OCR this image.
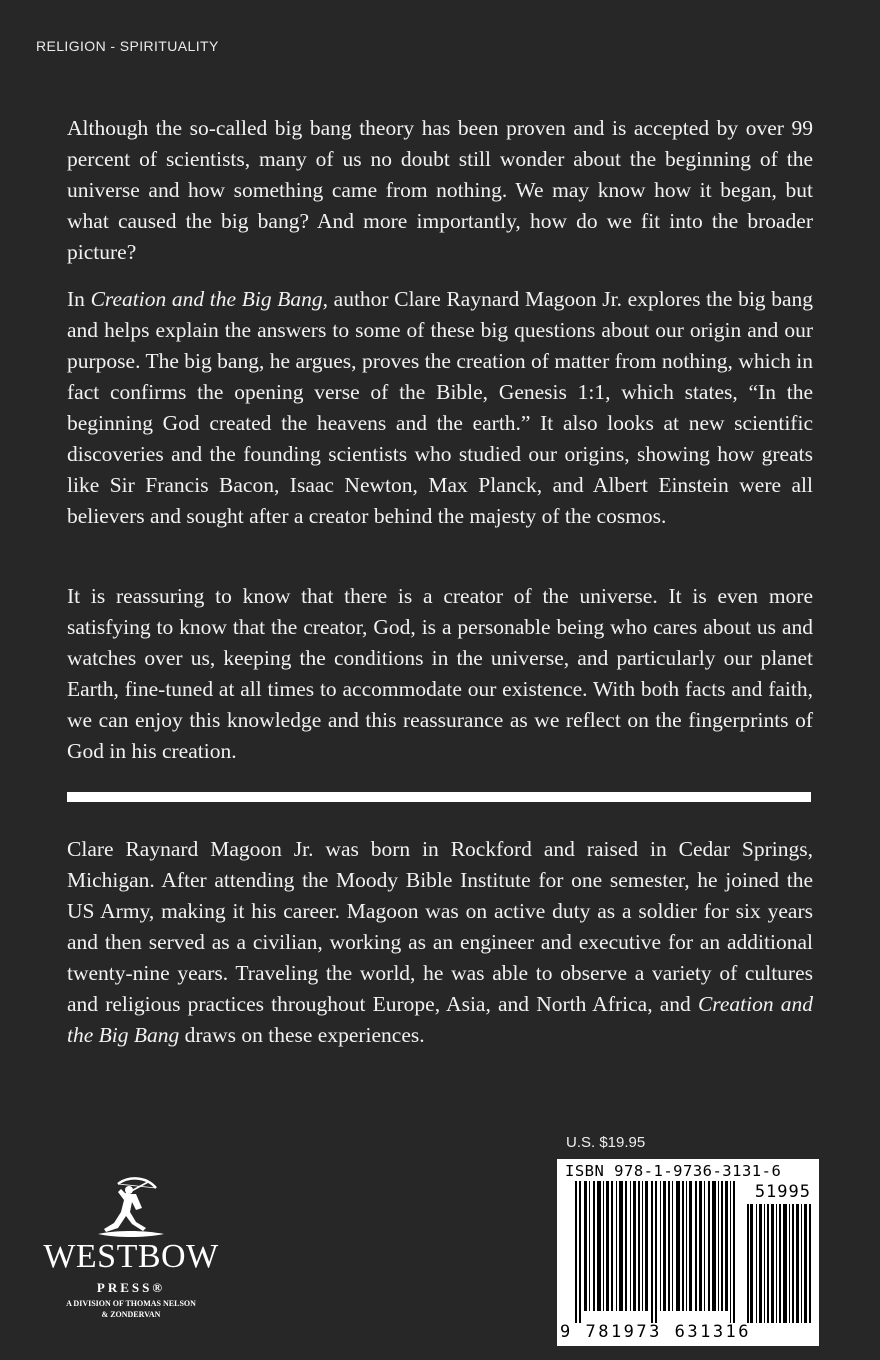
RELIGION - SPIRITUALITY

Although the so-called big bang theory has been proven and is accepted by over 99 percent of scientists, many of us no doubt still wonder about the beginning of the universe and how something came from nothing. We may know how it began, but what caused the big bang? And more importantly, how do we fit into the broader picture?

In Creation and the Big Bang, author Clare Raynard Magoon Jr. explores the big bang and helps explain the answers to some of these big questions about our origin and our purpose. The big bang, he argues, proves the creation of matter from nothing, which in fact confirms the opening verse of the Bible, Genesis 1:1, which states, “In the beginning God created the heavens and the earth.” It also looks at new scientific discoveries and the founding scientists who studied our origins, showing how greats like Sir Francis Bacon, Isaac Newton, Max Planck, and Albert Einstein were all believers and sought after a creator behind the majesty of the cosmos.

It is reassuring to know that there is a creator of the universe. It is even more satisfying to know that the creator, God, is a personable being who cares about us and watches over us, keeping the conditions in the universe, and particularly our planet Earth, fine-tuned at all times to accommodate our existence. With both facts and faith, we can enjoy this knowledge and this reassurance as we reflect on the fingerprints of God in his creation.

Clare Raynard Magoon Jr. was born in Rockford and raised in Cedar Springs, Michigan. After attending the Moody Bible Institute for one semester, he joined the US Army, making it his career. Magoon was on active duty as a soldier for six years and then served as a civilian, working as an engineer and executive for an additional twenty-nine years. Traveling the world, he was able to observe a variety of cultures and religious practices throughout Europe, Asia, and North Africa, and Creation and the Big Bang draws on these experiences.

U.S. $19.95
ISBN 978-1-9736-3131-6
51995
9 781973 631316
WESTBOW
PRESS®
A DIVISION OF THOMAS NELSON
& ZONDERVAN
